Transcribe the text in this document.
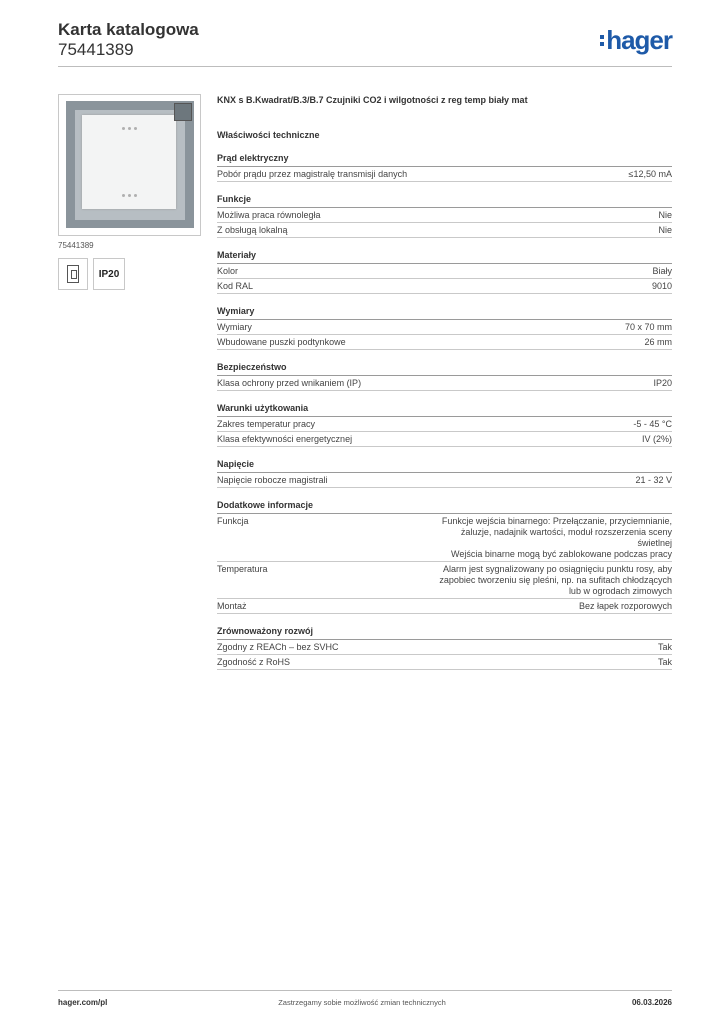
Karta katalogowa
75441389	hager
75441389
IP20
KNX s B.Kwadrat/B.3/B.7 Czujniki CO2 i wilgotności z reg temp biały mat
Właściwości techniczne
Prąd elektryczny
Pobór prądu przez magistralę transmisji danych	≤12,50 mA
Funkcje
Możliwa praca równoległa	Nie
Z obsługą lokalną	Nie
Materiały
Kolor	Biały
Kod RAL	9010
Wymiary
Wymiary	70 x 70 mm
Wbudowane puszki podtynkowe	26 mm
Bezpieczeństwo
Klasa ochrony przed wnikaniem (IP)	IP20
Warunki użytkowania
Zakres temperatur pracy	-5 - 45 °C
Klasa efektywności energetycznej	IV (2%)
Napięcie
Napięcie robocze magistrali	21 - 32 V
Dodatkowe informacje
Funkcja	Funkcje wejścia binarnego: Przełączanie, przyciemnianie,
żaluzje, nadajnik wartości, moduł rozszerzenia sceny
świetlnej
Wejścia binarne mogą być zablokowane podczas pracy
Temperatura	Alarm jest sygnalizowany po osiągnięciu punktu rosy, aby
zapobiec tworzeniu się pleśni, np. na sufitach chłodzących
lub w ogrodach zimowych
Montaż	Bez łapek rozporowych
Zrównoważony rozwój
Zgodny z REACh – bez SVHC	Tak
Zgodność z RoHS	Tak
hager.com/pl	Zastrzegamy sobie możliwość zmian technicznych	06.03.2026
